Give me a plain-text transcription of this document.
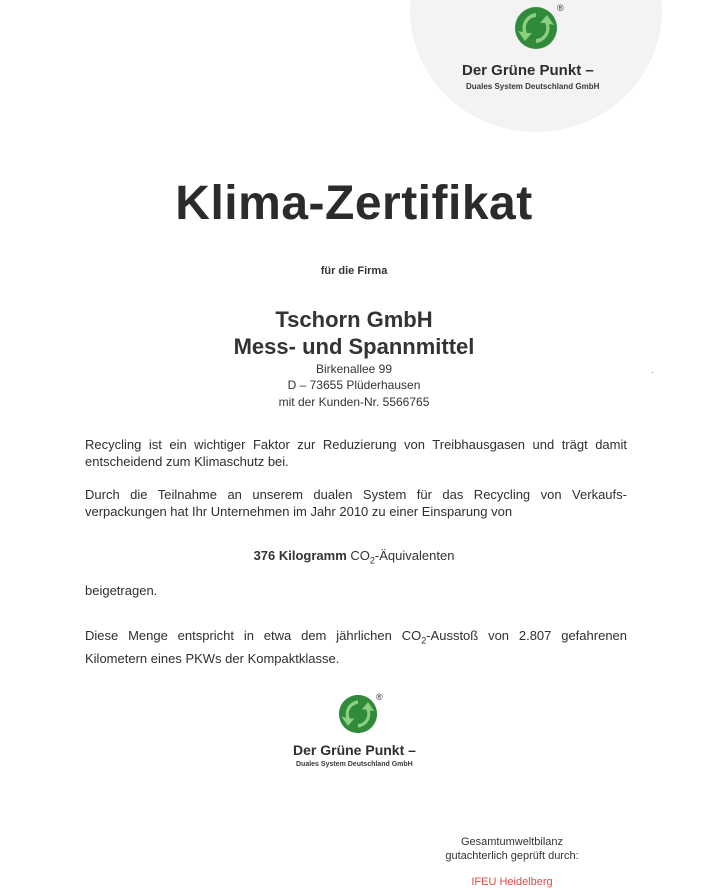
®
Der Grüne Punkt –
Duales System Deutschland GmbH
Klima-Zertifikat
für die Firma
Tschorn GmbH
Mess- und Spannmittel
Birkenallee 99
D – 73655 Plüderhausen
mit der Kunden-Nr. 5566765
Recycling ist ein wichtiger Faktor zur Reduzierung von Treibhausgasen und trägt damit entscheidend zum Klimaschutz bei.
Durch die Teilnahme an unserem dualen System für das Recycling von Verkaufsverpackungen hat Ihr Unternehmen im Jahr 2010 zu einer Einsparung von
376 Kilogramm $CO_2$-Äquivalenten
beigetragen.
Diese Menge entspricht in etwa dem jährlichen $CO_2$-Ausstoß von 2.807 gefahrenen Kilometern eines PKWs der Kompaktklasse.
®
Der Grüne Punkt –
Duales System Deutschland GmbH
Gesamtumweltbilanz
gutachterlich geprüft durch:
IFEU Heidelberg
